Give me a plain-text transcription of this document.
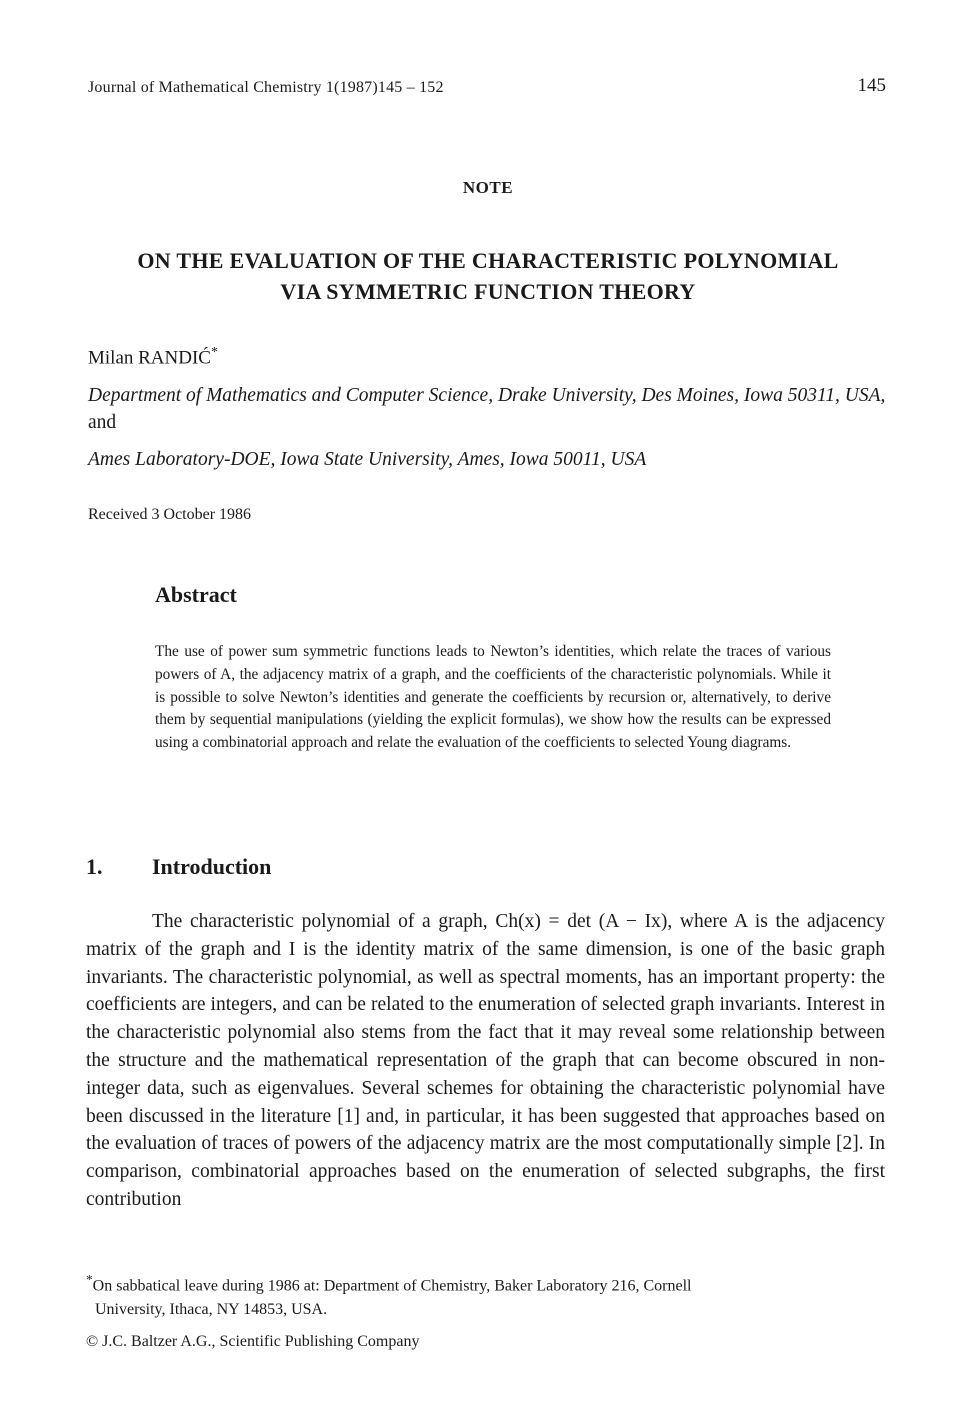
Journal of Mathematical Chemistry 1(1987)145 – 152	145
NOTE
ON THE EVALUATION OF THE CHARACTERISTIC POLYNOMIAL
VIA SYMMETRIC FUNCTION THEORY
Milan RANDIĆ*
Department of Mathematics and Computer Science, Drake University, Des Moines, Iowa 50311, USA, and
Ames Laboratory-DOE, Iowa State University, Ames, Iowa 50011, USA
Received 3 October 1986
Abstract
The use of power sum symmetric functions leads to Newton’s identities, which relate the traces of various powers of A, the adjacency matrix of a graph, and the coefficients of the characteristic polynomials. While it is possible to solve Newton’s identities and generate the coefficients by recursion or, alternatively, to derive them by sequential manipulations (yielding the explicit formulas), we show how the results can be expressed using a combinatorial approach and relate the evaluation of the coefficients to selected Young diagrams.
1. Introduction
The characteristic polynomial of a graph, Ch(x) = det (A − Ix), where A is the adjacency matrix of the graph and I is the identity matrix of the same dimension, is one of the basic graph invariants. The characteristic polynomial, as well as spectral moments, has an important property: the coefficients are integers, and can be related to the enumeration of selected graph invariants. Interest in the characteristic polynomial also stems from the fact that it may reveal some relationship between the structure and the mathematical representation of the graph that can become obscured in non-integer data, such as eigenvalues. Several schemes for obtaining the characteristic polynomial have been discussed in the literature [1] and, in particular, it has been suggested that approaches based on the evaluation of traces of powers of the adjacency matrix are the most computationally simple [2]. In comparison, combinatorial approaches based on the enumeration of selected subgraphs, the first contribution
*On sabbatical leave during 1986 at: Department of Chemistry, Baker Laboratory 216, Cornell
University, Ithaca, NY 14853, USA.
© J.C. Baltzer A.G., Scientific Publishing Company
